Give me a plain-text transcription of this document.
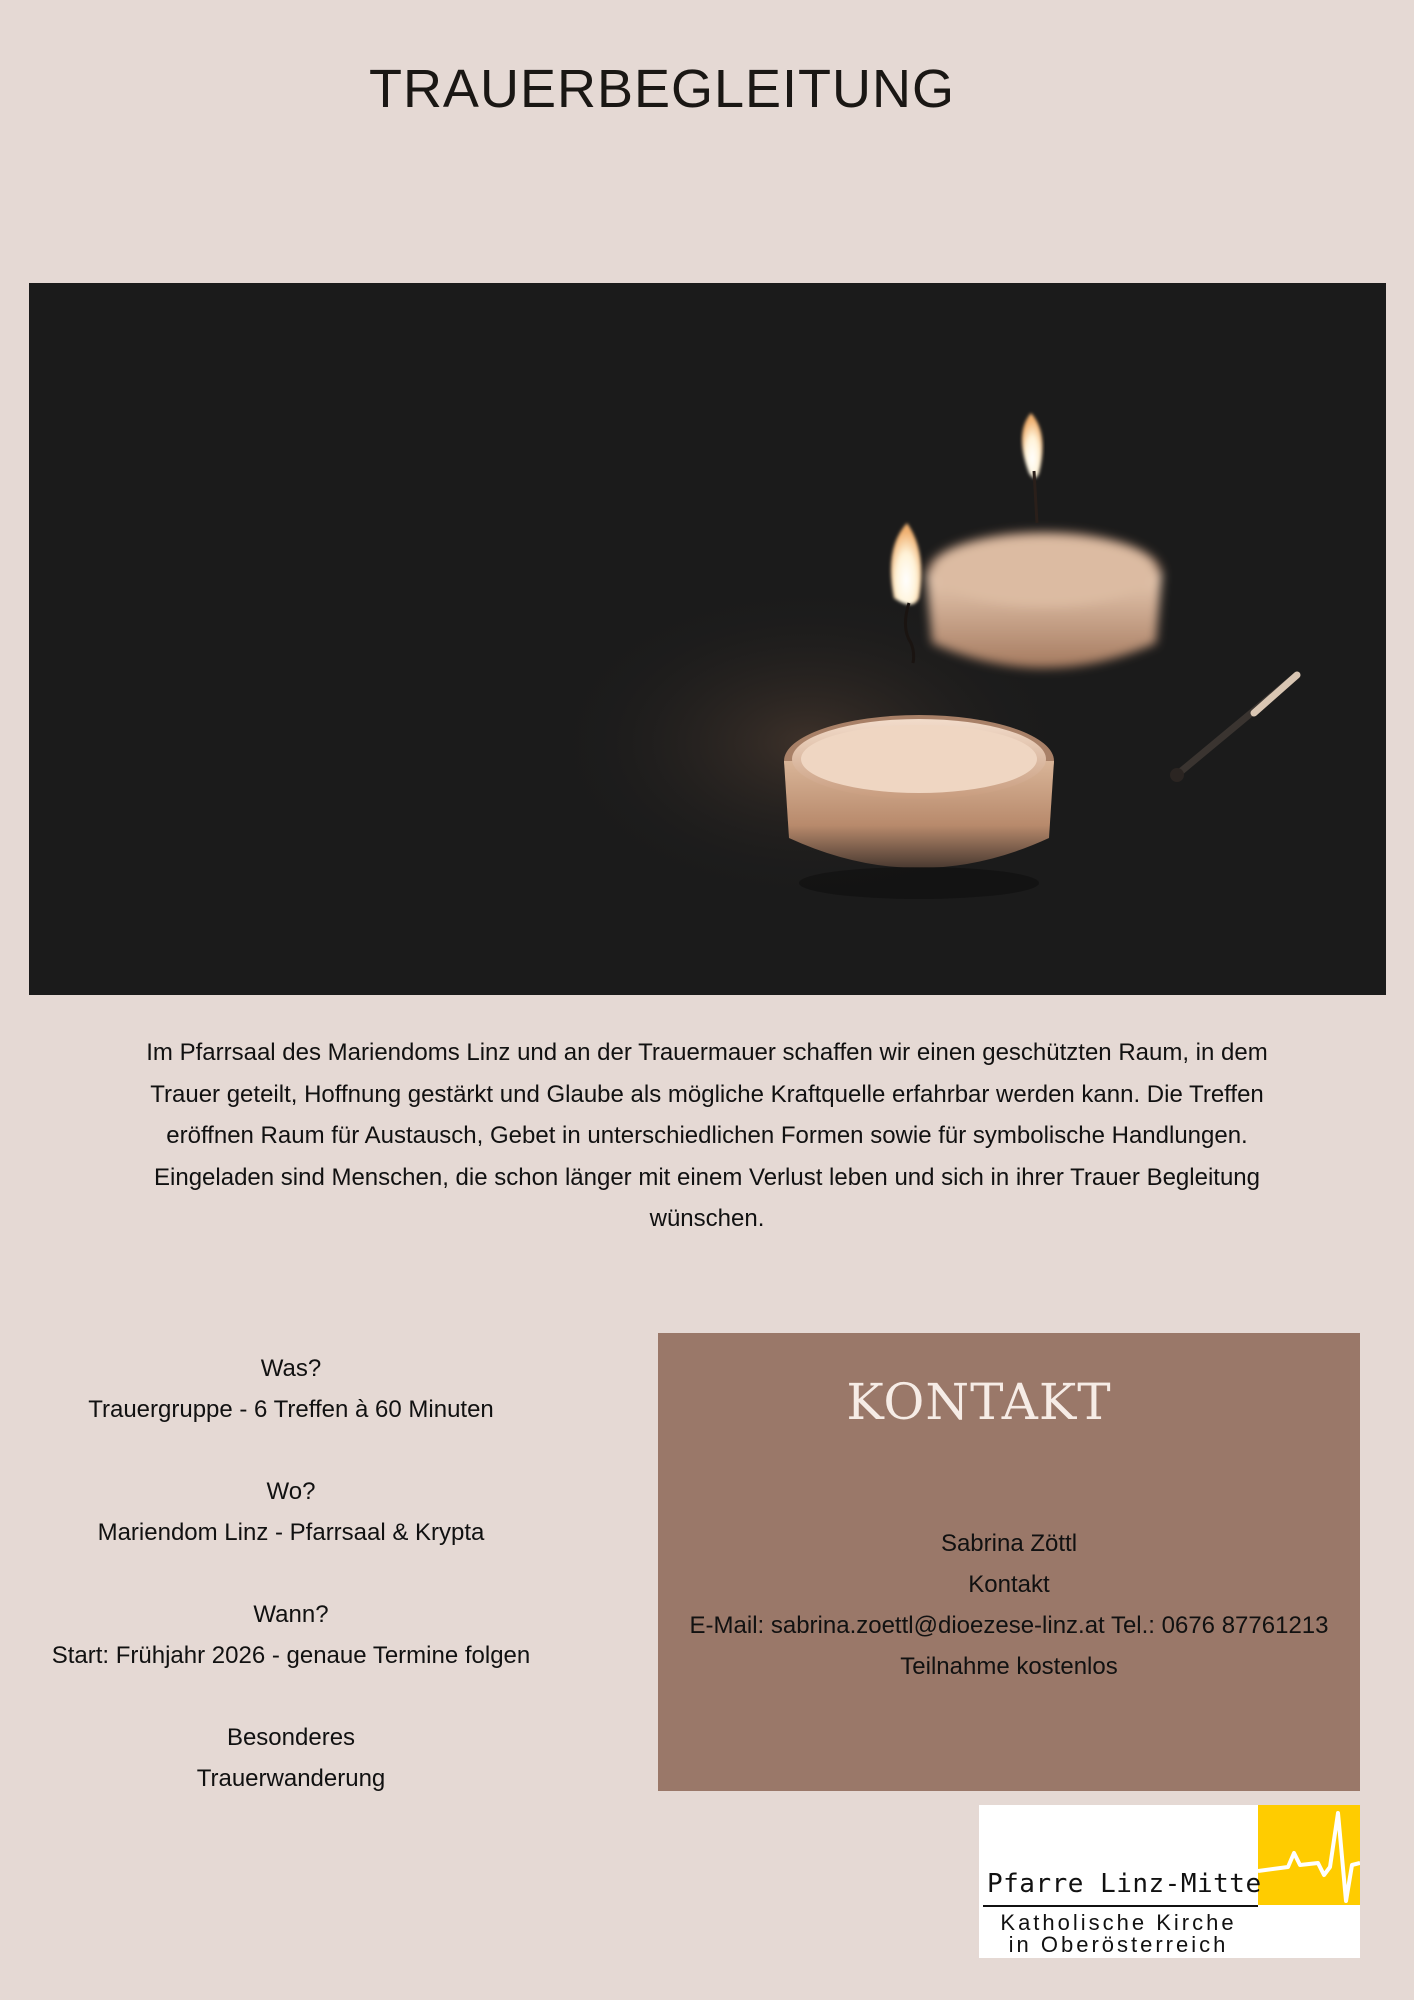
TRAUERBEGLEITUNG

Im Pfarrsaal des Mariendoms Linz und an der Trauermauer schaffen wir einen geschützten Raum, in dem Trauer geteilt, Hoffnung gestärkt und Glaube als mögliche Kraftquelle erfahrbar werden kann. Die Treffen eröffnen Raum für Austausch, Gebet in unterschiedlichen Formen sowie für symbolische Handlungen. Eingeladen sind Menschen, die schon länger mit einem Verlust leben und sich in ihrer Trauer Begleitung wünschen.

Was?
Trauergruppe - 6 Treffen à 60 Minuten
Wo?
Mariendom Linz - Pfarrsaal & Krypta
Wann?
Start: Frühjahr 2026 - genaue Termine folgen
Besonderes
Trauerwanderung
KONTAKT
Sabrina Zöttl
Kontakt
E-Mail: sabrina.zoettl@dioezese-linz.at Tel.: 0676 87761213
Teilnahme kostenlos
Pfarre Linz-Mitte
Katholische Kirche
in Oberösterreich
